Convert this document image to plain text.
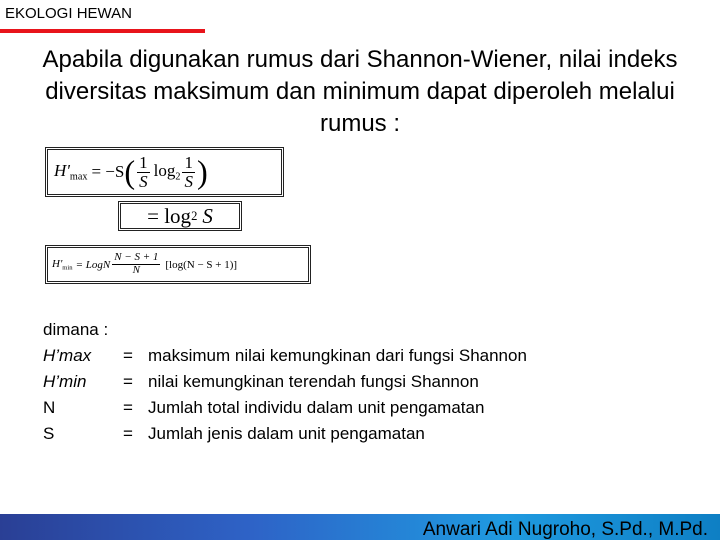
EKOLOGI HEWAN
Apabila digunakan rumus dari Shannon-Wiener, nilai indeks diversitas maksimum dan minimum dapat diperoleh melalui rumus :
$H'_{max} = -S$ ( $\frac{1}{S} \log_2 \frac{1}{S}$ )
= log 2 S
$H'_{min}$ = LogN $\frac{N - S + 1}{N} [\log(N - S + 1)]$
dimana :
H’max	= maksimum nilai kemungkinan dari fungsi Shannon
H’min	= nilai kemungkinan terendah fungsi Shannon
N	= Jumlah total individu dalam unit pengamatan
S	= Jumlah jenis dalam unit pengamatan
Anwari Adi Nugroho, S.Pd., M.Pd.
